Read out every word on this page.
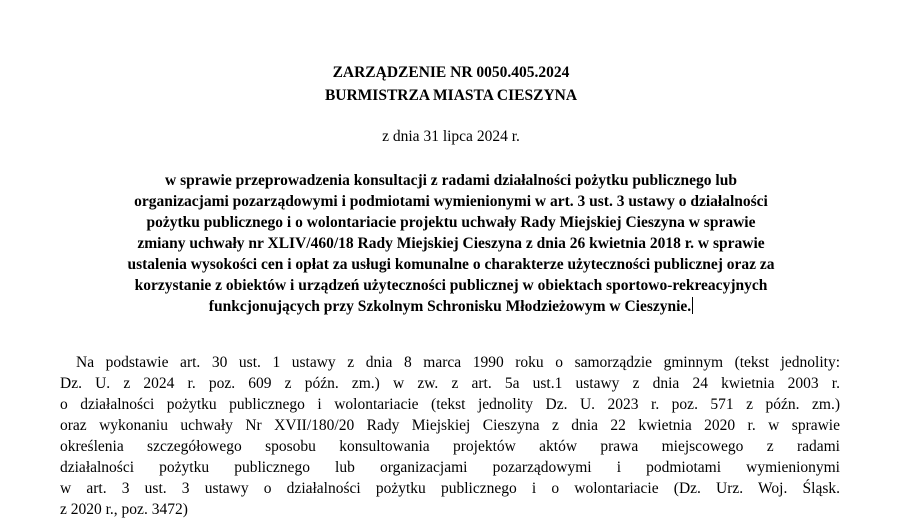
ZARZĄDZENIE NR 0050.405.2024
BURMISTRZA MIASTA CIESZYNA
z dnia 31 lipca 2024 r.
w sprawie przeprowadzenia konsultacji z radami działalności pożytku publicznego lub
organizacjami pozarządowymi i podmiotami wymienionymi w art. 3 ust. 3 ustawy o działalności
pożytku publicznego i o wolontariacie projektu uchwały Rady Miejskiej Cieszyna w sprawie
zmiany uchwały nr XLIV/460/18 Rady Miejskiej Cieszyna z dnia 26 kwietnia 2018 r. w sprawie
ustalenia wysokości cen i opłat za usługi komunalne o charakterze użyteczności publicznej oraz za
korzystanie z obiektów i urządzeń użyteczności publicznej w obiektach sportowo-rekreacyjnych
funkcjonujących przy Szkolnym Schronisku Młodzieżowym w Cieszynie.
Na podstawie art. 30 ust. 1 ustawy z dnia 8 marca 1990 roku o samorządzie gminnym (tekst jednolity:
Dz. U. z 2024 r. poz. 609 z późn. zm.) w zw. z art. 5a ust.1 ustawy z dnia 24 kwietnia 2003 r.
o działalności pożytku publicznego i wolontariacie (tekst jednolity Dz. U. 2023 r. poz. 571 z późn. zm.)
oraz wykonaniu uchwały Nr XVII/180/20 Rady Miejskiej Cieszyna z dnia 22 kwietnia 2020 r. w sprawie
określenia szczegółowego sposobu konsultowania projektów aktów prawa miejscowego z radami
działalności pożytku publicznego lub organizacjami pozarządowymi i podmiotami wymienionymi
w art. 3 ust. 3 ustawy o działalności pożytku publicznego i o wolontariacie (Dz. Urz. Woj. Śląsk.
z 2020 r., poz. 3472)
